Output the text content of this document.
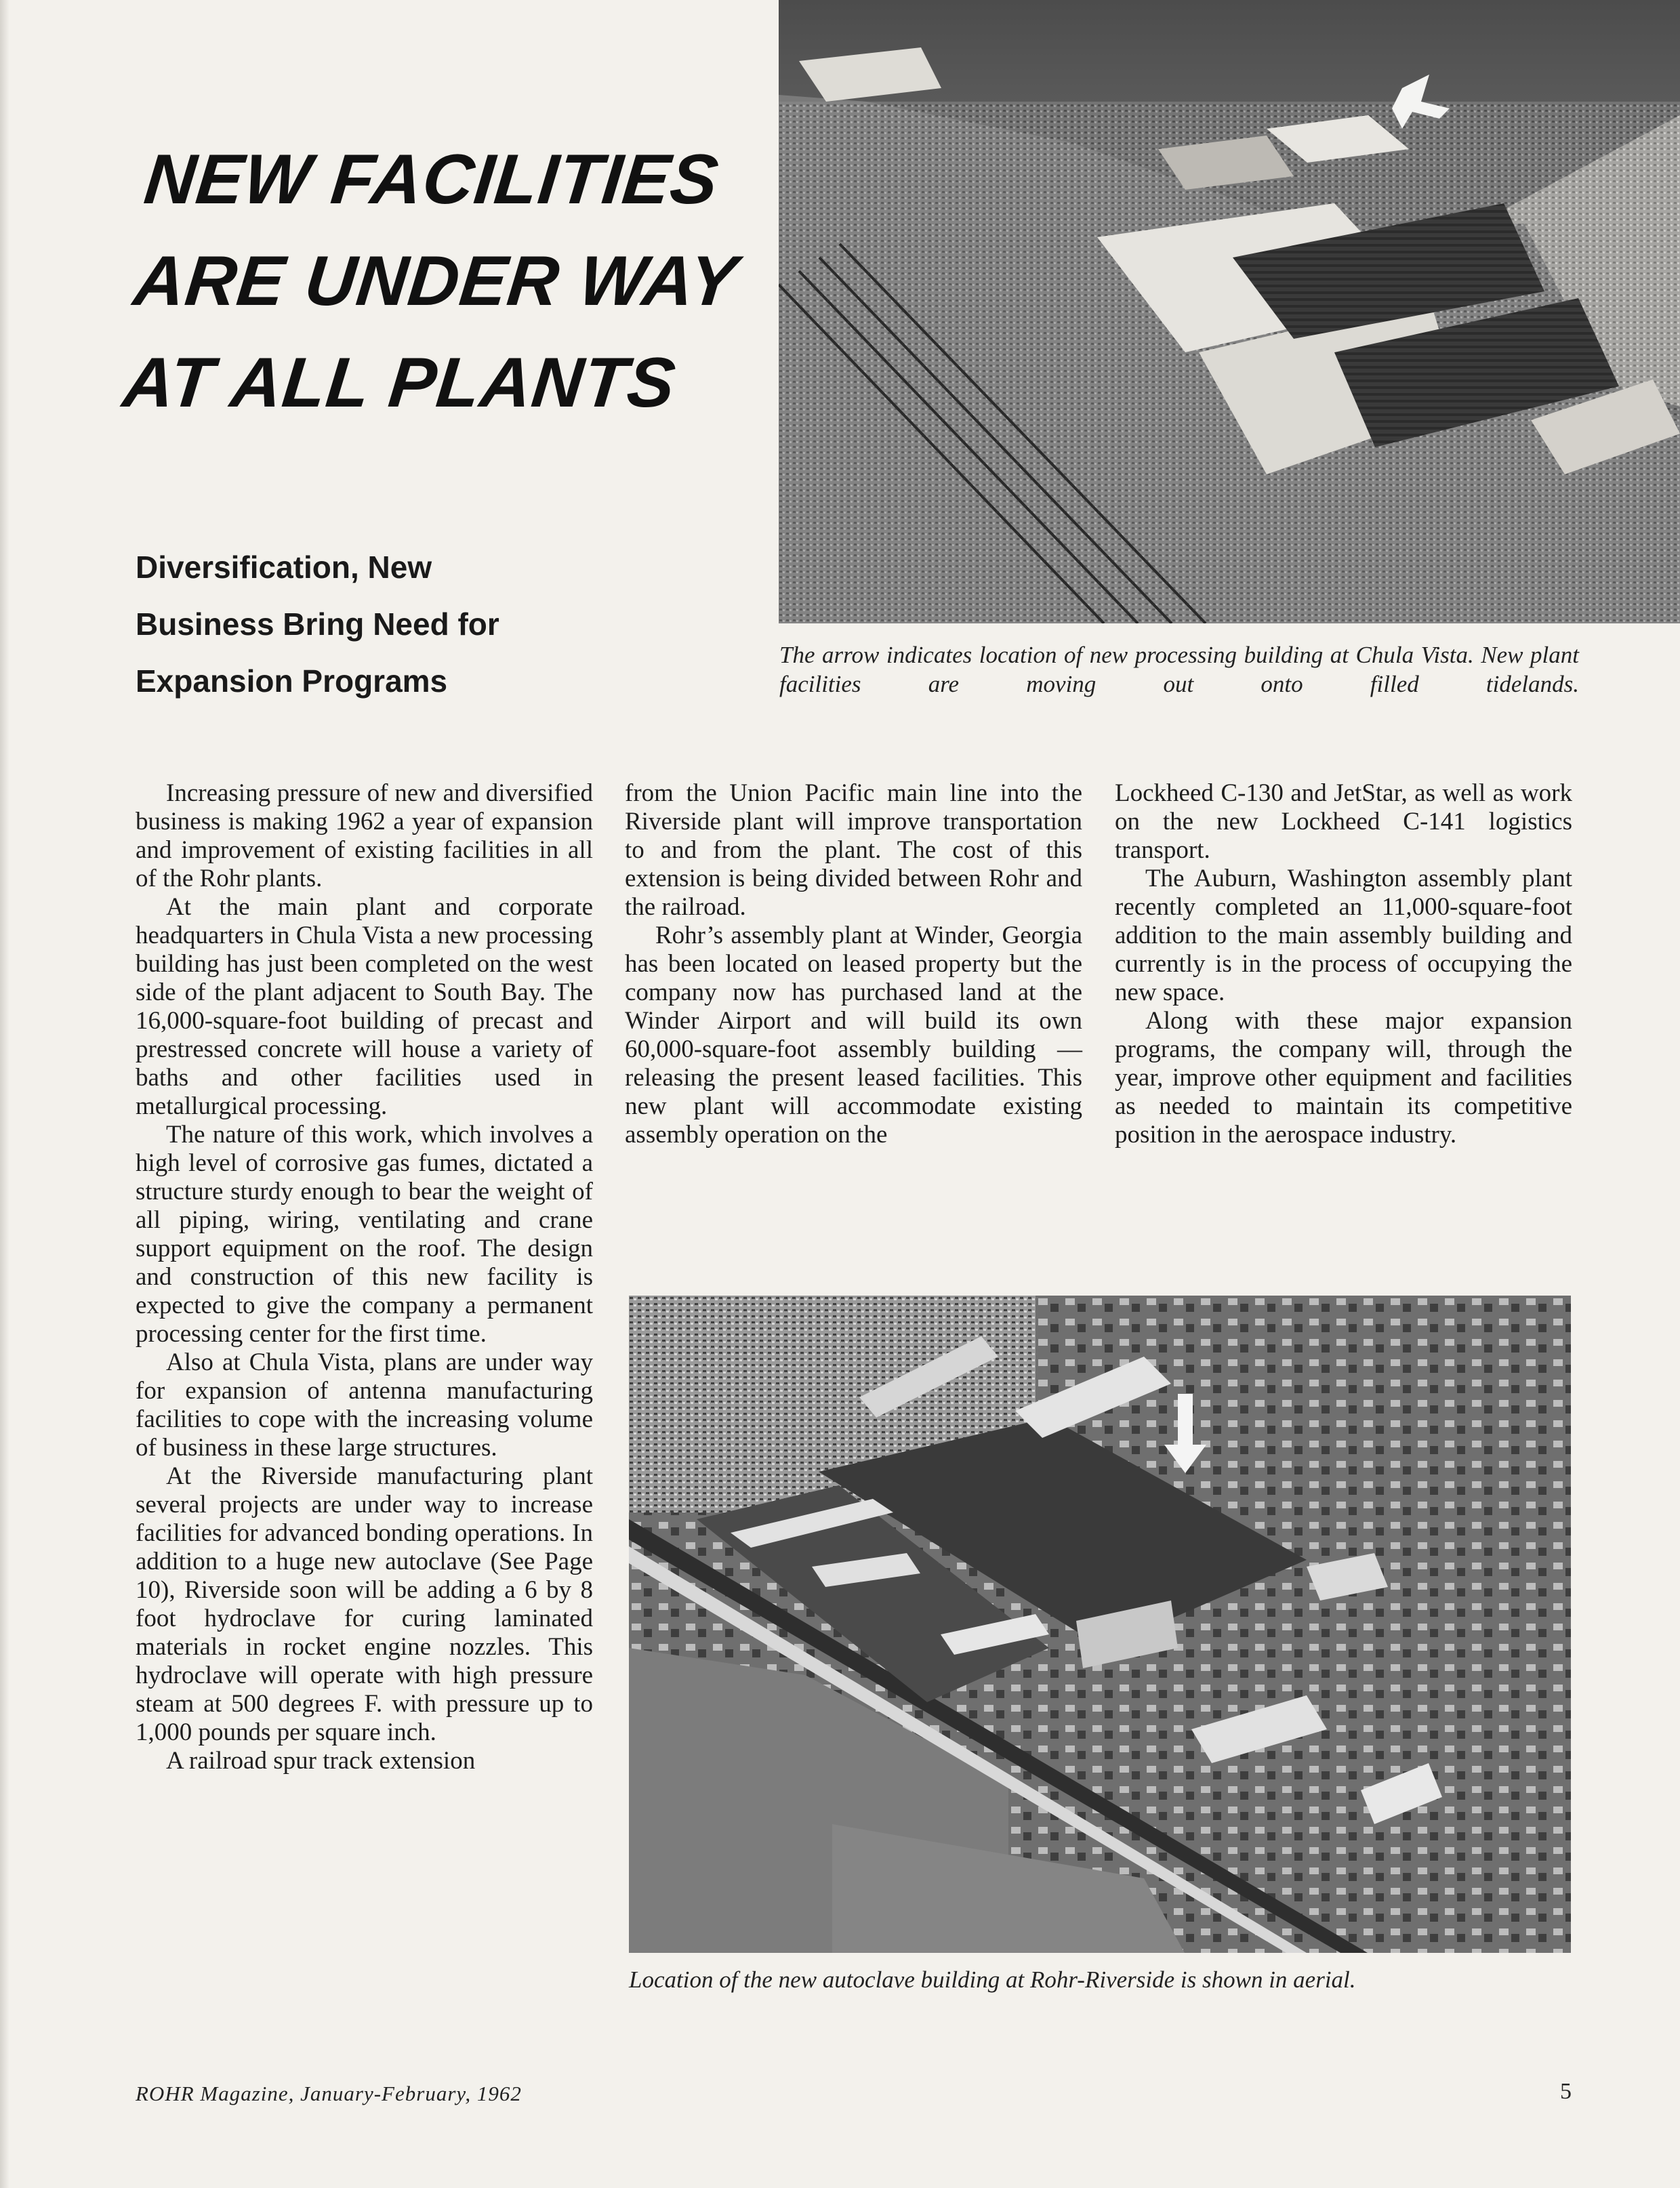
NEW FACILITIES
ARE UNDER WAY
AT ALL PLANTS
Diversification, New
Business Bring Need for
Expansion Programs

The arrow indicates location of new processing building at Chula Vista. New plant facilities are moving out onto filled tidelands.

Increasing pressure of new and diversified business is making 1962 a year of expansion and improvement of existing facilities in all of the Rohr plants.

At the main plant and corporate headquarters in Chula Vista a new processing building has just been completed on the west side of the plant adjacent to South Bay. The 16,000-square-foot building of precast and prestressed concrete will house a variety of baths and other facilities used in metallurgical processing.

The nature of this work, which involves a high level of corrosive gas fumes, dictated a structure sturdy enough to bear the weight of all piping, wiring, ventilating and crane support equipment on the roof. The design and construction of this new facility is expected to give the company a permanent processing center for the first time.

Also at Chula Vista, plans are under way for expansion of antenna manufacturing facilities to cope with the increasing volume of business in these large structures.

At the Riverside manufacturing plant several projects are under way to increase facilities for advanced bonding operations. In addition to a huge new autoclave (See Page 10), Riverside soon will be adding a 6 by 8 foot hydroclave for curing laminated materials in rocket engine nozzles. This hydroclave will operate with high pressure steam at 500 degrees F. with pressure up to 1,000 pounds per square inch.

A railroad spur track extension

from the Union Pacific main line into the Riverside plant will improve transportation to and from the plant. The cost of this extension is being divided between Rohr and the railroad.

Rohr’s assembly plant at Winder, Georgia has been located on leased property but the company now has purchased land at the Winder Airport and will build its own 60,000-square-foot assembly building — releasing the present leased facilities. This new plant will accommodate existing assembly operation on the

Lockheed C-130 and JetStar, as well as work on the new Lockheed C-141 logistics transport.

The Auburn, Washington assembly plant recently completed an 11,000-square-foot addition to the main assembly building and currently is in the process of occupying the new space.

Along with these major expansion programs, the company will, through the year, improve other equipment and facilities as needed to maintain its competitive position in the aerospace industry.

Location of the new autoclave building at Rohr-Riverside is shown in aerial.

ROHR Magazine, January-February, 1962	5
